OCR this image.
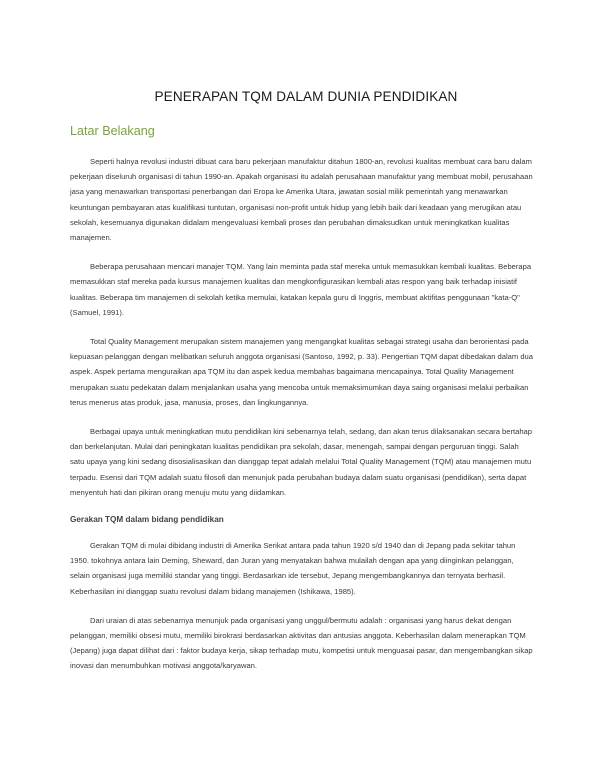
PENERAPAN TQM DALAM DUNIA PENDIDIKAN
Latar Belakang

Seperti halnya revolusi industri dibuat cara baru pekerjaan manufaktur ditahun 1800-an, revolusi kualitas membuat cara baru dalam pekerjaan diseluruh organisasi di tahun 1990-an. Apakah organisasi itu adalah perusahaan manufaktur yang membuat mobil, perusahaan jasa yang menawarkan transportasi penerbangan dari Eropa ke Amerika Utara, jawatan sosial milik pemerintah yang menawarkan keuntungan pembayaran atas kualifikasi tuntutan, organisasi non-profit untuk hidup yang lebih baik dari keadaan yang merugikan atau sekolah, kesemuanya digunakan didalam mengevaluasi kembali proses dan perubahan dimaksudkan untuk meningkatkan kualitas manajemen.

Beberapa perusahaan mencari manajer TQM. Yang lain meminta pada staf mereka untuk memasukkan kembali kualitas. Beberapa memasukkan staf mereka pada kursus manajemen kualitas dan mengkonfigurasikan kembali atas respon yang baik terhadap inisiatif kualitas. Beberapa tim manajemen di sekolah ketika memulai, katakan kepala guru di Inggris, membuat aktifitas penggunaan "kata-Q"(Samuel, 1991).

Total Quality Management merupakan sistem manajemen yang mengangkat kualitas sebagai strategi usaha dan berorientasi pada kepuasan pelanggan dengan melibatkan seluruh anggota organisasi (Santoso, 1992, p. 33). Pengertian TQM dapat dibedakan dalam dua aspek. Aspek pertama menguraikan apa TQM itu dan aspek kedua membahas bagaimana mencapainya. Total Quality Management merupakan suatu pedekatan dalam menjalankan usaha yang mencoba untuk memaksimumkan daya saing organisasi melalui perbaikan terus menerus atas produk, jasa, manusia, proses, dan lingkungannya.

Berbagai upaya untuk meningkatkan mutu pendidikan kini sebenarnya telah, sedang, dan akan terus dilaksanakan secara bertahap dan berkelanjutan. Mulai dari peningkatan kualitas pendidikan pra sekolah, dasar, menengah, sampai dengan perguruan tinggi. Salah satu upaya yang kini sedang disosialisasikan dan dianggap tepat adalah melalui Total Quality Management (TQM) atau manajemen mutu terpadu. Esensi dari TQM adalah suatu filosofi dan menunjuk pada perubahan budaya dalam suatu organisasi (pendidikan), serta dapat menyentuh hati dan pikiran orang menuju mutu yang diidamkan.

Gerakan TQM dalam bidang pendidikan

Gerakan TQM di mulai dibidang industri di Amerika Serikat antara pada tahun 1920 s/d 1940 dan di Jepang pada sekitar tahun 1950. tokohnya antara lain Deming, Sheward, dan Juran yang menyatakan bahwa mulailah dengan apa yang diinginkan pelanggan, selain organisasi juga memiliki standar yang tinggi. Berdasarkan ide tersebut, Jepang mengembangkannya dan ternyata berhasil. Keberhasilan ini dianggap suatu revolusi dalam bidang manajemen (Ishikawa, 1985).

Dari uraian di atas sebenarnya menunjuk pada organisasi yang unggul/bermutu adalah : organisasi yang harus dekat dengan pelanggan, memiliki obsesi mutu, memiliki birokrasi berdasarkan aktivitas dan antusias anggota. Keberhasilan dalam menerapkan TQM (Jepang) juga dapat dilihat dari : faktor budaya kerja, sikap terhadap mutu, kompetisi untuk menguasai pasar, dan mengembangkan sikap inovasi dan menumbuhkan motivasi anggota/karyawan.
